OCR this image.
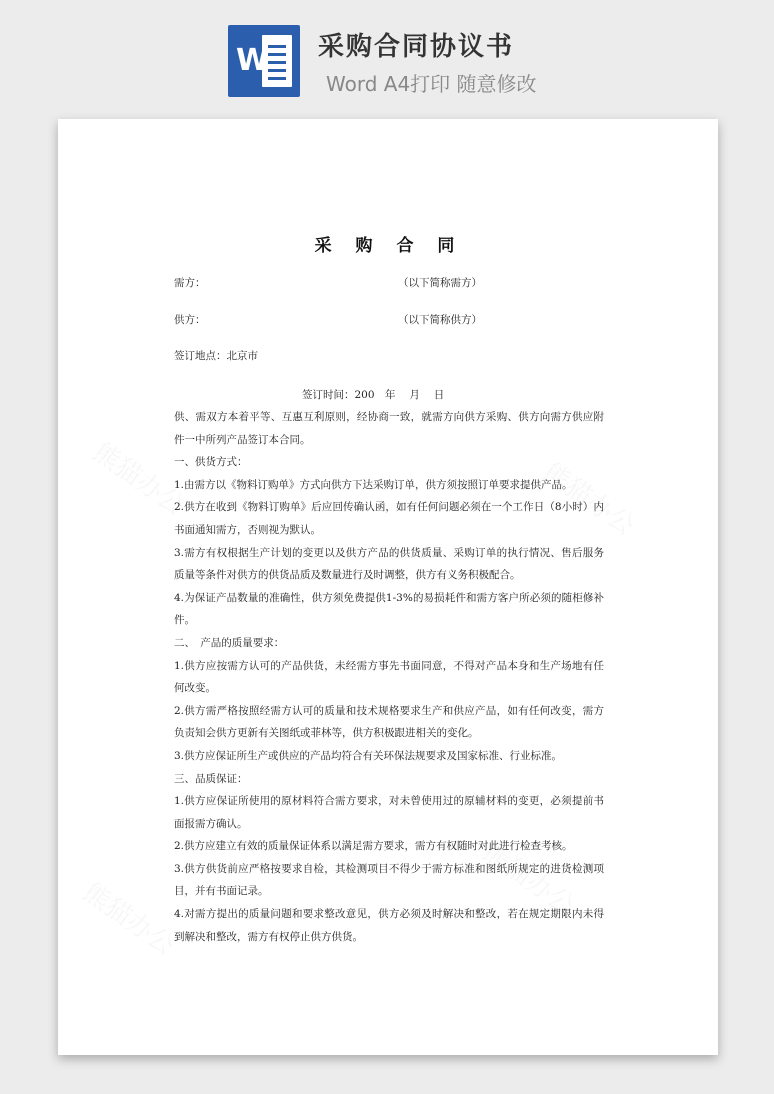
W 采购合同协议书
Word A4打印 随意修改
采 购 合 同
需方：	（以下简称需方）
供方：	（以下简称供方）
签订地点：北京市
签订时间：200　年　 月　 日

供、需双方本着平等、互惠互利原则，经协商一致，就需方向供方采购、供方向需方供应附件一中所列产品签订本合同。

一、供货方式：

1.由需方以《物料订购单》方式向供方下达采购订单，供方须按照订单要求提供产品。

2.供方在收到《物料订购单》后应回传确认函，如有任何问题必须在一个工作日（8小时）内书面通知需方，否则视为默认。

3.需方有权根据生产计划的变更以及供方产品的供货质量、采购订单的执行情况、售后服务质量等条件对供方的供货品质及数量进行及时调整，供方有义务积极配合。

4.为保证产品数量的准确性，供方须免费提供1-3%的易损耗件和需方客户所必须的随柜修补件。

二、　产品的质量要求：

1.供方应按需方认可的产品供货，未经需方事先书面同意，不得对产品本身和生产场地有任何改变。

2.供方需严格按照经需方认可的质量和技术规格要求生产和供应产品，如有任何改变，需方负责知会供方更新有关图纸或菲林等，供方积极跟进相关的变化。

3.供方应保证所生产或供应的产品均符合有关环保法规要求及国家标准、行业标准。

三、品质保证：

1.供方应保证所使用的原材料符合需方要求，对未曾使用过的原辅材料的变更，必须提前书面报需方确认。

2.供方应建立有效的质量保证体系以满足需方要求，需方有权随时对此进行检查考核。

3.供方供货前应严格按要求自检，其检测项目不得少于需方标准和图纸所规定的进货检测项目，并有书面记录。

4.对需方提出的质量问题和要求整改意见，供方必须及时解决和整改，若在规定期限内未得到解决和整改，需方有权停止供方供货。
